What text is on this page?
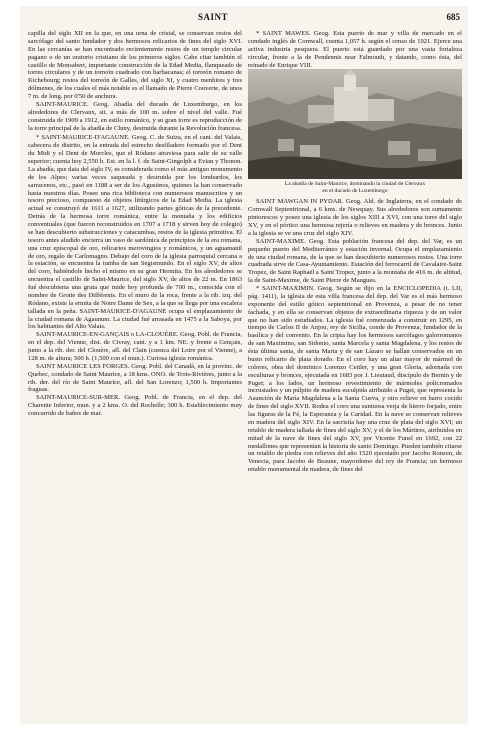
SAINT	685

capilla del siglo XII en la que, en una urna de cristal, se conservan restos del sarcófago del santo fundador y dos hermosos relicarios de fines del siglo XVI. En las cercanías se han encontrado recientemente restos de un templo circular pagano o de un oratorio cristiano de los primeros siglos. Cabe citar también el castillo de Monsabert, importante construcción de la Edad Media, flanqueado de torres circulares y de un torreón cuadrado con barbacanas; el torreón romano de Kichebourg; restos del torreón de Galles, del siglo XI, y cuatro menhires y tres dólmenes, de los cuales el más notable es el llamado de Pierre Couverte, de unos 7 m. de long. por 0'50 de anchura.

SAINT-MAURICE. Geog. Abadía del ducado de Luxemburgo, en los alrededores de Clervaux, sit. a más de 100 m. sobre el nivel del valle. Fué construida de 1909 a 1912, en estilo románico, y su gran torre es reproducción de la torre principal de la abadía de Cluny, destruida durante la Revolución francesa.

* SAINT-MAURICE-D'AGAUNE. Geog. C. de Suiza, en el cant. del Valais, cabecera de distrito, en la entrada del estrecho desfiladero formado por el Dent du Midi y el Dent de Morcles, que el Ródano atraviesa para salir de su valle superior; cuenta hoy 2,550 h. Est. en la l. f. de Saint-Gingolph a Evian y Thonon. La abadía, que data del siglo IV, es considerada como el más antiguo monumento de los Alpes; varias veces saqueada y destruida por los lombardos, los sarracenos, etc., pasó en 1188 a ser de los Agustinos, quienes la han conservado hasta nuestros días. Posee una rica biblioteca con numerosos manuscritos y un tesoro precioso, compuesto de objetos litúrgicos de la Edad Media. La iglesia actual se construyó de 1611 a 1627, utilizando partes góticas de la precedente. Detrás de la hermosa torre románica, entre la montaña y los edificios conventuales (que fueron reconstruidos en 1707 a 1718 y sirven hoy de colegio) se han descubierto substrucciones y catacumbas, restos de la iglesia primitiva. El tesoro antes aludido encierra un vaso de sardónica de principios de la era romana, una cruz episcopal de oro, relicarios merovingios y románicos, y un aguamanil de oro, regalo de Carlomagno. Debajo del coro de la iglesia parroquial cercana a la estación, se encuentra la tumba de san Segismundo. En el siglo XV, de altos del coro, habiéndole hecho el mismo en su gran Hermita. En los alrededores se encuentra el castillo de Saint-Maurice, del siglo XV, de altos de 22 m. En 1863 fué descubierta una gruta que mide hoy profunda de 700 m., conocida con el nombre de Grotte des Différents. En el muro de la roca, frente a la rib. izq. del Ródano, existe la ermita de Notre Dame de Sex, a la que se llega por una escalera tallada en la peña. SAINT-MAURICE-D'AGAUNE ocupa el emplazamiento de la ciudad romana de Agaunum. La ciudad fué arrasada en 1475 a la Saboya, por los habitantes del Alto Valais.

SAINT-MAURICE-EN-GANÇAIS o LA-CLOUÈRE. Geog. Pobl. de Francia, en el dep. del Vienne, dist. de Civray, cant. y a 1 km. NE. y frente a Gençais, junto a la rib. der. del Clouère, afl. del Clain (cuenca del Loire por el Vienne), a 128 m. de altura; 500 h. (1,500 con el mun.). Curiosa iglesia románica.

SAINT MAURICE LES FORGES. Geog. Pobl. del Canadá, en la provinc. de Quebec, condado de Saint Maurice, a 18 kms. ONO. de Trois-Rivières, junto a la rib. der. del río de Saint Maurice, afl. del San Lorenzo; 1,500 h. Importantes fraguas.

SAINT-MAURICE-SUR-MER. Geog. Pobl. de Francia, en el dep. del Charente Inferior, mun. y a 2 kms. O. del Rochelle; 300 h. Establecimiento muy concurrido de baños de mar.

* SAINT MAWES. Geog. Esta puerto de mar y villa de mercado en el condado inglés de Cornwall, cuenta 1,057 h. según el censo de 1921. Ejerce una activa industria pesquera. El puerto está guardado por una vasta fortaleza circular, frente a la de Pendennis near Falmouth, y datando, como ésta, del reinado de Enrique VIII.

La abadía de Saint-Maurice, dominando la ciudad de Clervaux
en el ducado de Luxemburgo

SAINT MAWGAN IN PYDAR. Geog. Ald. de Inglaterra, en el condado de Cornwall Septentrional, a 6 kms. de Newquay. Sus alrededores son sumamente pintorescos y posee una iglesia de los siglos XIII a XVI, con una torre del siglo XV, y en el pórtico una hermosa rejería o relieves en madera y de bronces. Junto a la iglesia se ve una cruz del siglo XIV.

SAINT-MAXIME. Geog. Esta población francesa del dep. del Var, es un pequeño puerto del Mediterráneo y estación invernal. Ocupa el emplazamiento de una ciudad romana, de la que se han descubierto numerosos restos. Una torre cuadrada sirve de Casa-Ayuntamiento. Estación del ferrocarril de Cavalaire-Saint Tropez, de Saint Raphaël a Saint Tropez, junto a la montaña de 416 m. de altitud, la de Saint-Maxime, de Saint Pierre de Maugues.

* SAINT-MAXIMIN. Geog. Según se dijo en la ENCICLOPEDIA (t. LII, pág. 1411), la iglesia de esta villa francesa del dep. del Var es el más hermoso exponente del estilo gótico septentrional en Provenza, a pesar de no tener fachada, y en ella se conservan objetos de extraordinaria riqueza y de un valor que no han sido estudiados. La iglesia fué comenzada a construir en 1295, en tiempo de Carlos II de Anjou, rey de Sicilia, conde de Provenza, fundador de la basílica y del convento. En la cripta hay los hermosos sarcófagos galorromanos de san Maximino, san Sidonio, santa Marcela y santa Magdalena, y los restos de ésta última santa, de santa Marta y de san Lázaro se hallan conservados en un busto relicario de plata dorado. En el coro hay un altar mayor de mármol de colores, obra del dominico Lorenzo Cettler, y una gran Gloria, adornada con esculturas y bronces, ejecutada en 1683 por J. Lieutaud, discípulo de Bernin y de Puget; a los lados, un hermoso revestimiento de mármoles policromados incrustados y un púlpito de madera esculpida atribuido a Puget, que representa la Asunción de María Magdalena a la Santa Cueva, y otro relieve en barro cocido de fines del siglo XVII. Rodea el coro una suntuosa verja de hierro forjado, entre las figuras de la Fé, la Esperanza y la Caridad. En la nave se conservan relieves en madera del siglo XIV. En la sacristía hay una cruz de plata del siglo XVI; un retablo de madera tallada de fines del siglo XV, y el de los Mártires, atribuidos en mitad de la nave de fines del siglo XV, por Vicente Funel en 1692, con 22 medallones que representan la historia de santo Domingo. Pueden también citarse un retablo de piedra con relieves del año 1520 ejecutado por Jacobo Ronzen, de Venecia, para Jacobo de Beaune, mayordomo del rey de Francia; un hermoso retablo monumental de madera, de fines del
